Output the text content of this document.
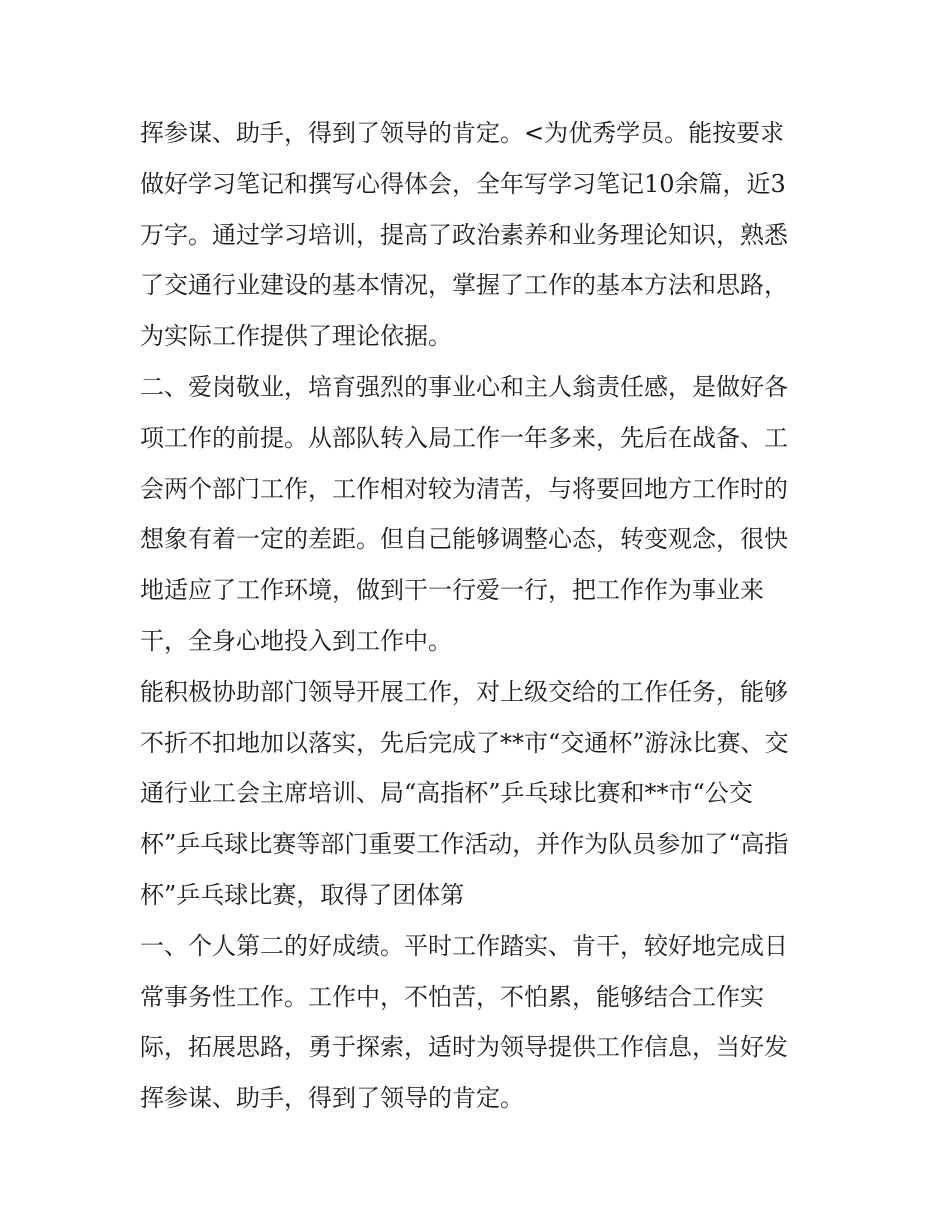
挥参谋、助手，得到了领导的肯定。<为优秀学员。能按要求
做好学习笔记和撰写心得体会，全年写学习笔记10余篇，近3
万字。通过学习培训，提高了政治素养和业务理论知识，熟悉
了交通行业建设的基本情况，掌握了工作的基本方法和思路，
为实际工作提供了理论依据。
二、爱岗敬业，培育强烈的事业心和主人翁责任感，是做好各
项工作的前提。从部队转入局工作一年多来，先后在战备、工
会两个部门工作，工作相对较为清苦，与将要回地方工作时的
想象有着一定的差距。但自己能够调整心态，转变观念，很快
地适应了工作环境，做到干一行爱一行，把工作作为事业来
干，全身心地投入到工作中。
能积极协助部门领导开展工作，对上级交给的工作任务，能够
不折不扣地加以落实，先后完成了**市“交通杯”游泳比赛、交
通行业工会主席培训、局“高指杯”乒乓球比赛和**市“公交
杯”乒乓球比赛等部门重要工作活动，并作为队员参加了“高指
杯”乒乓球比赛，取得了团体第
一、个人第二的好成绩。平时工作踏实、肯干，较好地完成日
常事务性工作。工作中，不怕苦，不怕累，能够结合工作实
际，拓展思路，勇于探索，适时为领导提供工作信息，当好发
挥参谋、助手，得到了领导的肯定。
